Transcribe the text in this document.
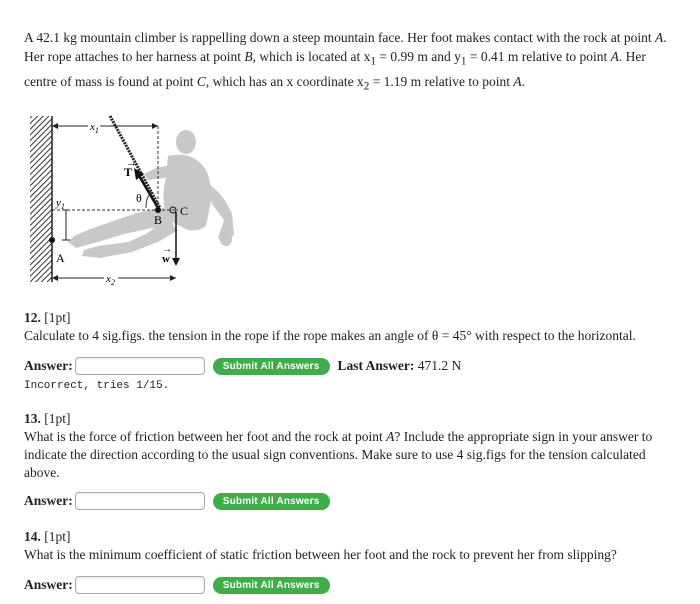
A 42.1 kg mountain climber is rappelling down a steep mountain face. Her foot makes contact with the rock at point A. Her rope attaches to her harness at point B, which is located at $x_1 = 0.99$ m and $y_1 = 0.41$ m relative to point A. Her centre of mass is found at point C, which has an x coordinate $x_2 = 1.19$ m relative to point A.
T
→
θ
B
C
w
→
A
$y_1$
$x_1$
$x_2$
12. [1pt]
Calculate to 4 sig.figs. the tension in the rope if the rope makes an angle of θ = 45° with respect to the horizontal.
Answer:	Submit All Answers	Last Answer: 471.2 N
Incorrect, tries 1/15.
13. [1pt]
What is the force of friction between her foot and the rock at point A? Include the appropriate sign in your answer to indicate the direction according to the usual sign conventions. Make sure to use 4 sig.figs for the tension calculated above.
Answer:	Submit All Answers
14. [1pt]
What is the minimum coefficient of static friction between her foot and the rock to prevent her from slipping?
Answer:	Submit All Answers
